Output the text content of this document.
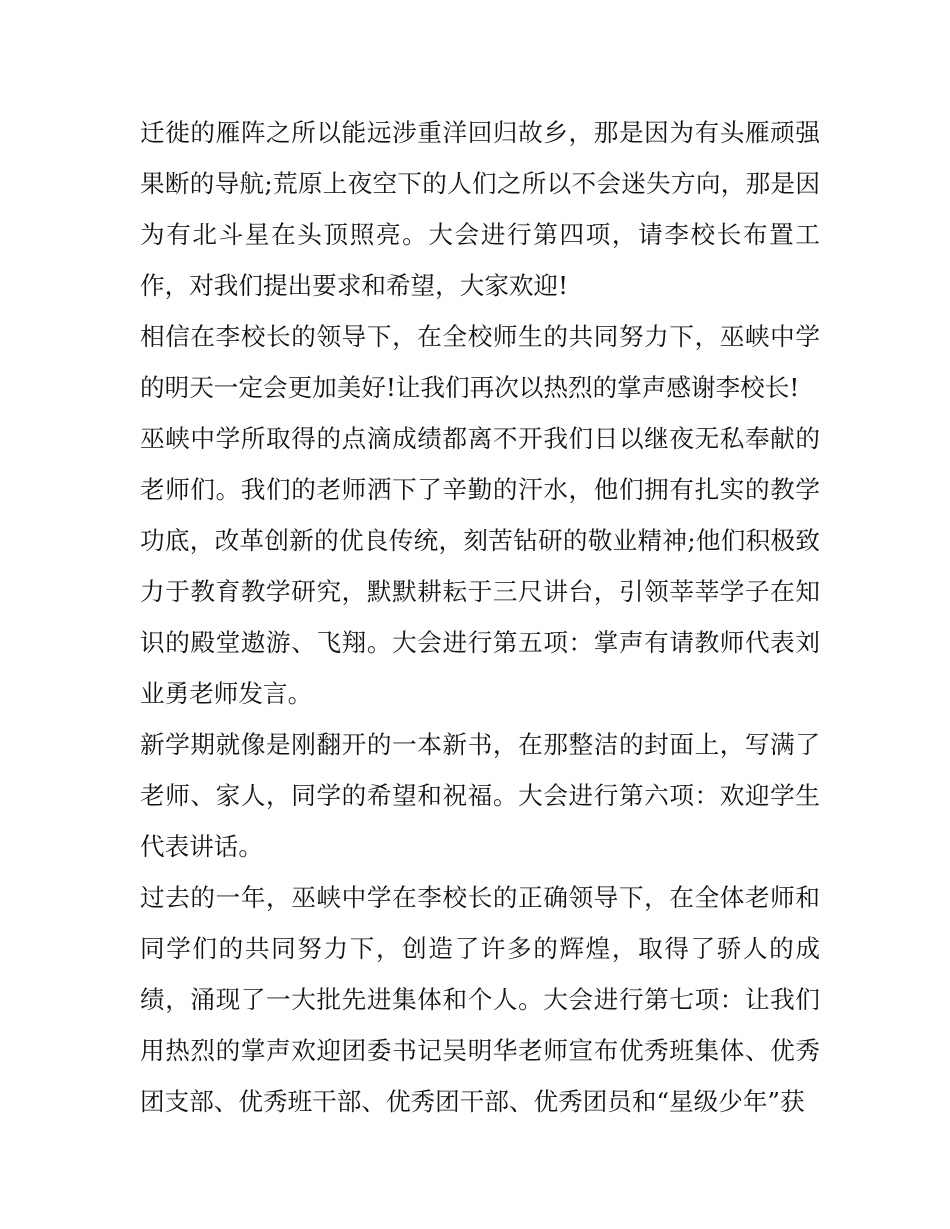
迁徙的雁阵之所以能远涉重洋回归故乡，那是因为有头雁顽强果断的导航;荒原上夜空下的人们之所以不会迷失方向，那是因为有北斗星在头顶照亮。大会进行第四项，请李校长布置工作，对我们提出要求和希望，大家欢迎!

相信在李校长的领导下，在全校师生的共同努力下，巫峡中学的明天一定会更加美好!让我们再次以热烈的掌声感谢李校长!

巫峡中学所取得的点滴成绩都离不开我们日以继夜无私奉献的老师们。我们的老师洒下了辛勤的汗水，他们拥有扎实的教学功底，改革创新的优良传统，刻苦钻研的敬业精神;他们积极致力于教育教学研究，默默耕耘于三尺讲台，引领莘莘学子在知识的殿堂遨游、飞翔。大会进行第五项：掌声有请教师代表刘业勇老师发言。

新学期就像是刚翻开的一本新书，在那整洁的封面上，写满了老师、家人，同学的希望和祝福。大会进行第六项：欢迎学生代表讲话。

过去的一年，巫峡中学在李校长的正确领导下，在全体老师和同学们的共同努力下，创造了许多的辉煌，取得了骄人的成绩，涌现了一大批先进集体和个人。大会进行第七项：让我们用热烈的掌声欢迎团委书记吴明华老师宣布优秀班集体、优秀团支部、优秀班干部、优秀团干部、优秀团员和“星级少年”获
